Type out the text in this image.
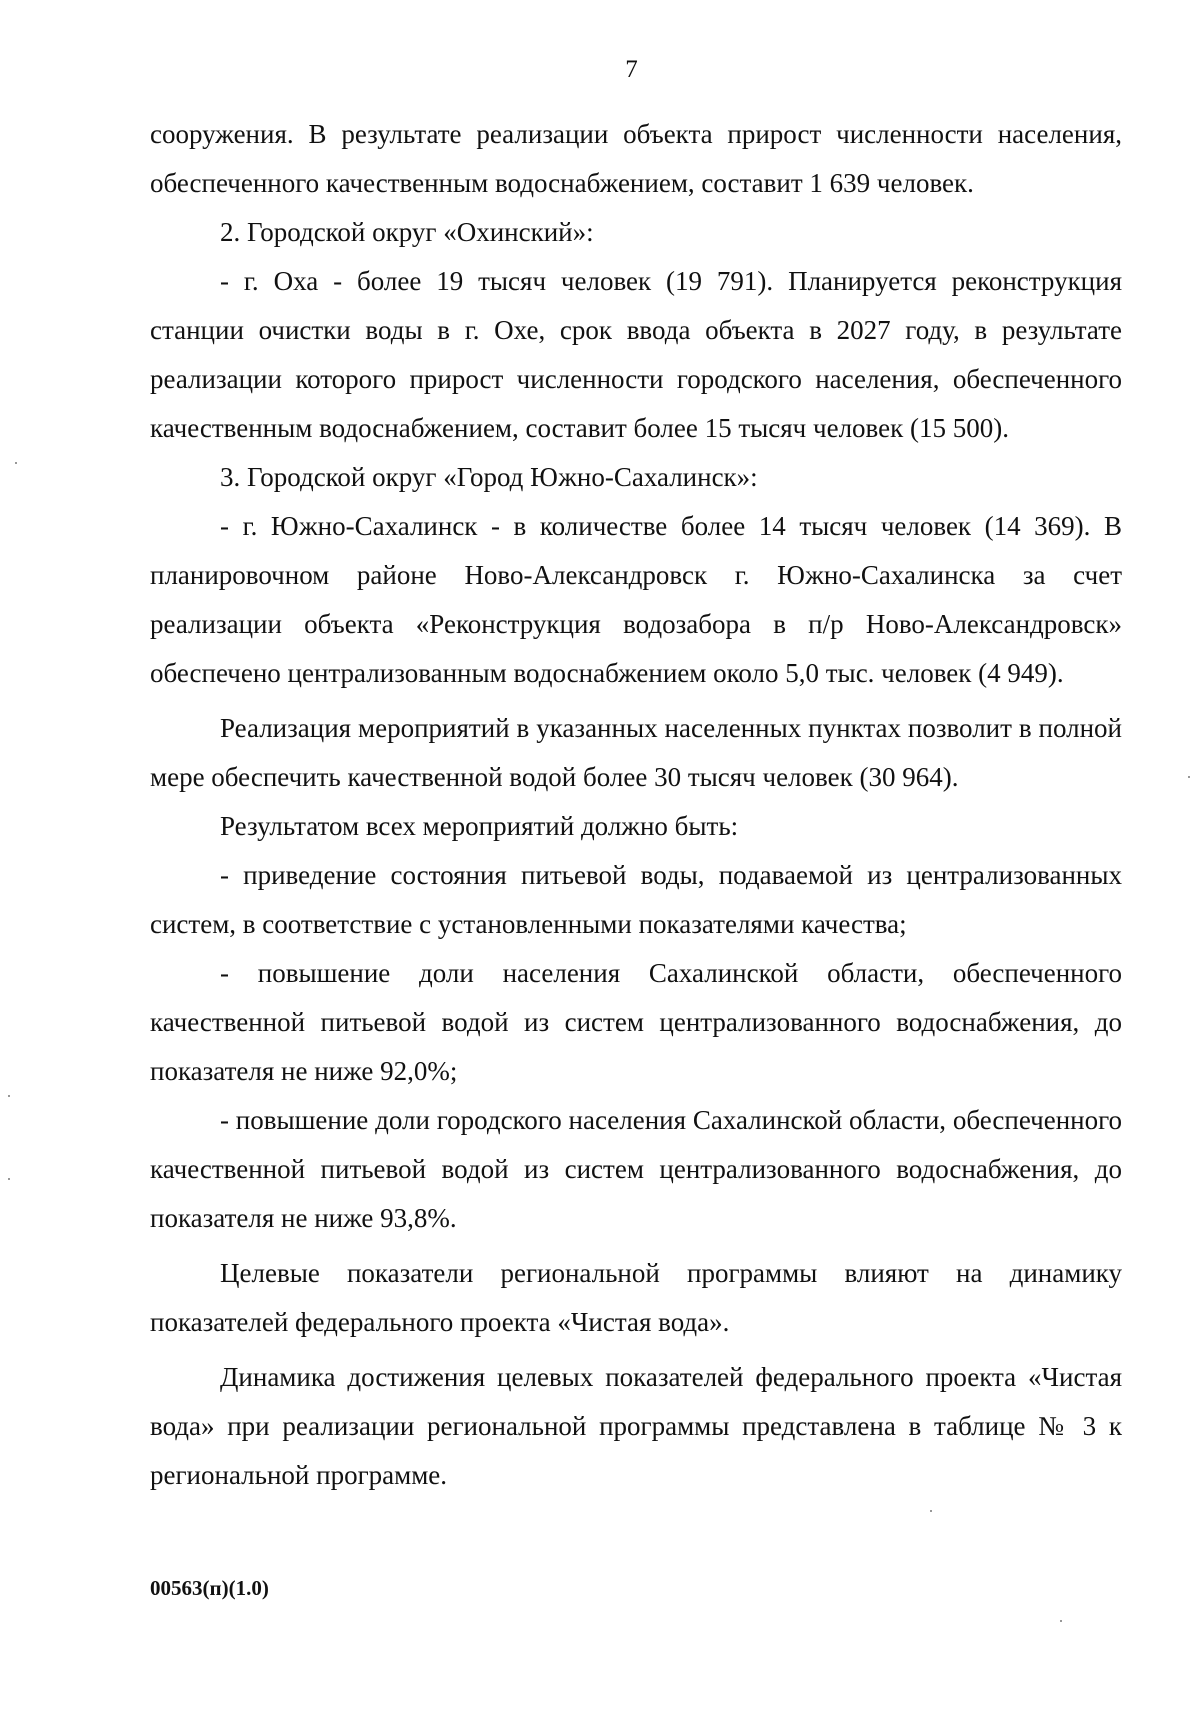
7

сооружения. В результате реализации объекта прирост численности населения, обеспеченного качественным водоснабжением, составит 1 639 человек.

2. Городской округ «Охинский»:

- г. Оха - более 19 тысяч человек (19 791). Планируется реконструкция станции очистки воды в г. Охе, срок ввода объекта в 2027 году, в результате реализации которого прирост численности городского населения, обеспеченного качественным водоснабжением, составит более 15 тысяч человек (15 500).

3. Городской округ «Город Южно-Сахалинск»:

- г. Южно-Сахалинск - в количестве более 14 тысяч человек (14 369). В планировочном районе Ново-Александровск г. Южно-Сахалинска за счет реализации объекта «Реконструкция водозабора в п/р Ново-Александровск» обеспечено централизованным водоснабжением около 5,0 тыс. человек (4 949).

Реализация мероприятий в указанных населенных пунктах позволит в полной мере обеспечить качественной водой более 30 тысяч человек (30 964).

Результатом всех мероприятий должно быть:

- приведение состояния питьевой воды, подаваемой из централизованных систем, в соответствие с установленными показателями качества;

- повышение доли населения Сахалинской области, обеспеченного качественной питьевой водой из систем централизованного водоснабжения, до показателя не ниже 92,0%;

- повышение доли городского населения Сахалинской области, обеспеченного качественной питьевой водой из систем централизованного водоснабжения, до показателя не ниже 93,8%.

Целевые показатели региональной программы влияют на динамику показателей федерального проекта «Чистая вода».

Динамика достижения целевых показателей федерального проекта «Чистая вода» при реализации региональной программы представлена в таблице № 3 к региональной программе.

00563(п)(1.0)
